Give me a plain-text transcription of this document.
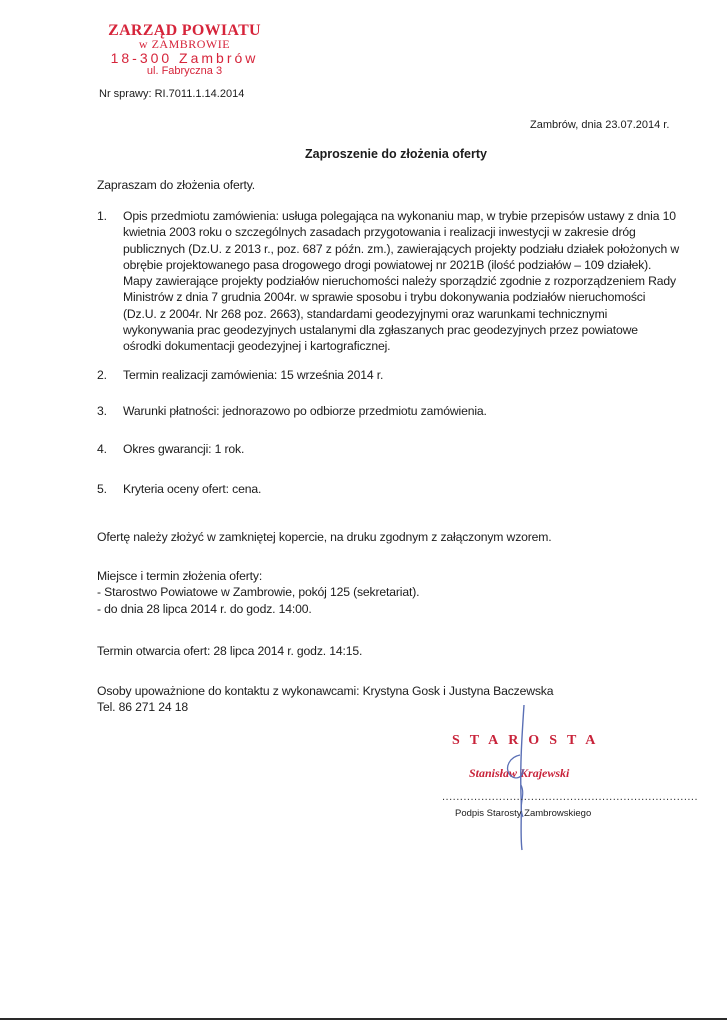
ZARZĄD POWIATU
w ZAMBROWIE
18-300 Zambrów
ul. Fabryczna 3
Nr sprawy: RI.7011.1.14.2014
Zambrów, dnia 23.07.2014 r.
Zaproszenie do złożenia oferty
Zapraszam do złożenia oferty.
1. Opis przedmiotu zamówienia: usługa polegająca na wykonaniu map, w trybie przepisów ustawy z dnia 10
kwietnia 2003 roku o szczególnych zasadach przygotowania i realizacji inwestycji w zakresie dróg
publicznych (Dz.U. z 2013 r., poz. 687 z późn. zm.), zawierających projekty podziału działek położonych w
obrębie projektowanego pasa drogowego drogi powiatowej nr 2021B (ilość podziałów – 109 działek).
Mapy zawierające projekty podziałów nieruchomości należy sporządzić zgodnie z rozporządzeniem Rady
Ministrów z dnia 7 grudnia 2004r. w sprawie sposobu i trybu dokonywania podziałów nieruchomości
(Dz.U. z 2004r. Nr 268 poz. 2663), standardami geodezyjnymi oraz warunkami technicznymi
wykonywania prac geodezyjnych ustalanymi dla zgłaszanych prac geodezyjnych przez powiatowe
ośrodki dokumentacji geodezyjnej i kartograficznej.
2. Termin realizacji zamówienia: 15 września 2014 r.
3. Warunki płatności: jednorazowo po odbiorze przedmiotu zamówienia.
4. Okres gwarancji: 1 rok.
5. Kryteria oceny ofert: cena.
Ofertę należy złożyć w zamkniętej kopercie, na druku zgodnym z załączonym wzorem.
Miejsce i termin złożenia oferty:
- Starostwo Powiatowe w Zambrowie, pokój 125 (sekretariat).
- do dnia 28 lipca 2014 r. do godz. 14:00.
Termin otwarcia ofert: 28 lipca 2014 r. godz. 14:15.
Osoby upoważnione do kontaktu z wykonawcami: Krystyna Gosk i Justyna Baczewska
Tel. 86 271 24 18
STAROSTA
Stanisław Krajewski
........................................................................
Podpis Starosty Zambrowskiego
